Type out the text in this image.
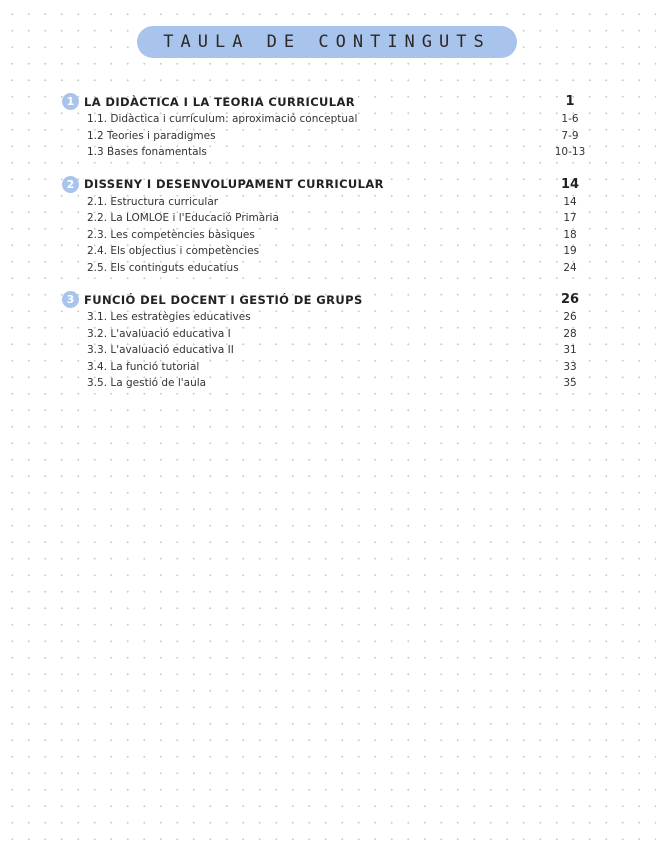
TAULA DE CONTINGUTS
1 LA DIDÀCTICA I LA TEORIA CURRICULAR	1
1.1. Didàctica i currículum: aproximació conceptual	1-6
1.2 Teories i paradigmes	7-9
1.3 Bases fonamentals	10-13
2 DISSENY I DESENVOLUPAMENT CURRICULAR	14
2.1. Estructura curricular	14
2.2. La LOMLOE i l'Educació Primària	17
2.3. Les competències bàsiques	18
2.4. Els objectius i competències	19
2.5. Els continguts educatius	24
3 FUNCIÓ DEL DOCENT I GESTIÓ DE GRUPS	26
3.1. Les estratègies educatives	26
3.2. L'avaluació educativa I	28
3.3. L'avaluació educativa II	31
3.4. La funció tutorial	33
3.5. La gestió de l'aula	35
